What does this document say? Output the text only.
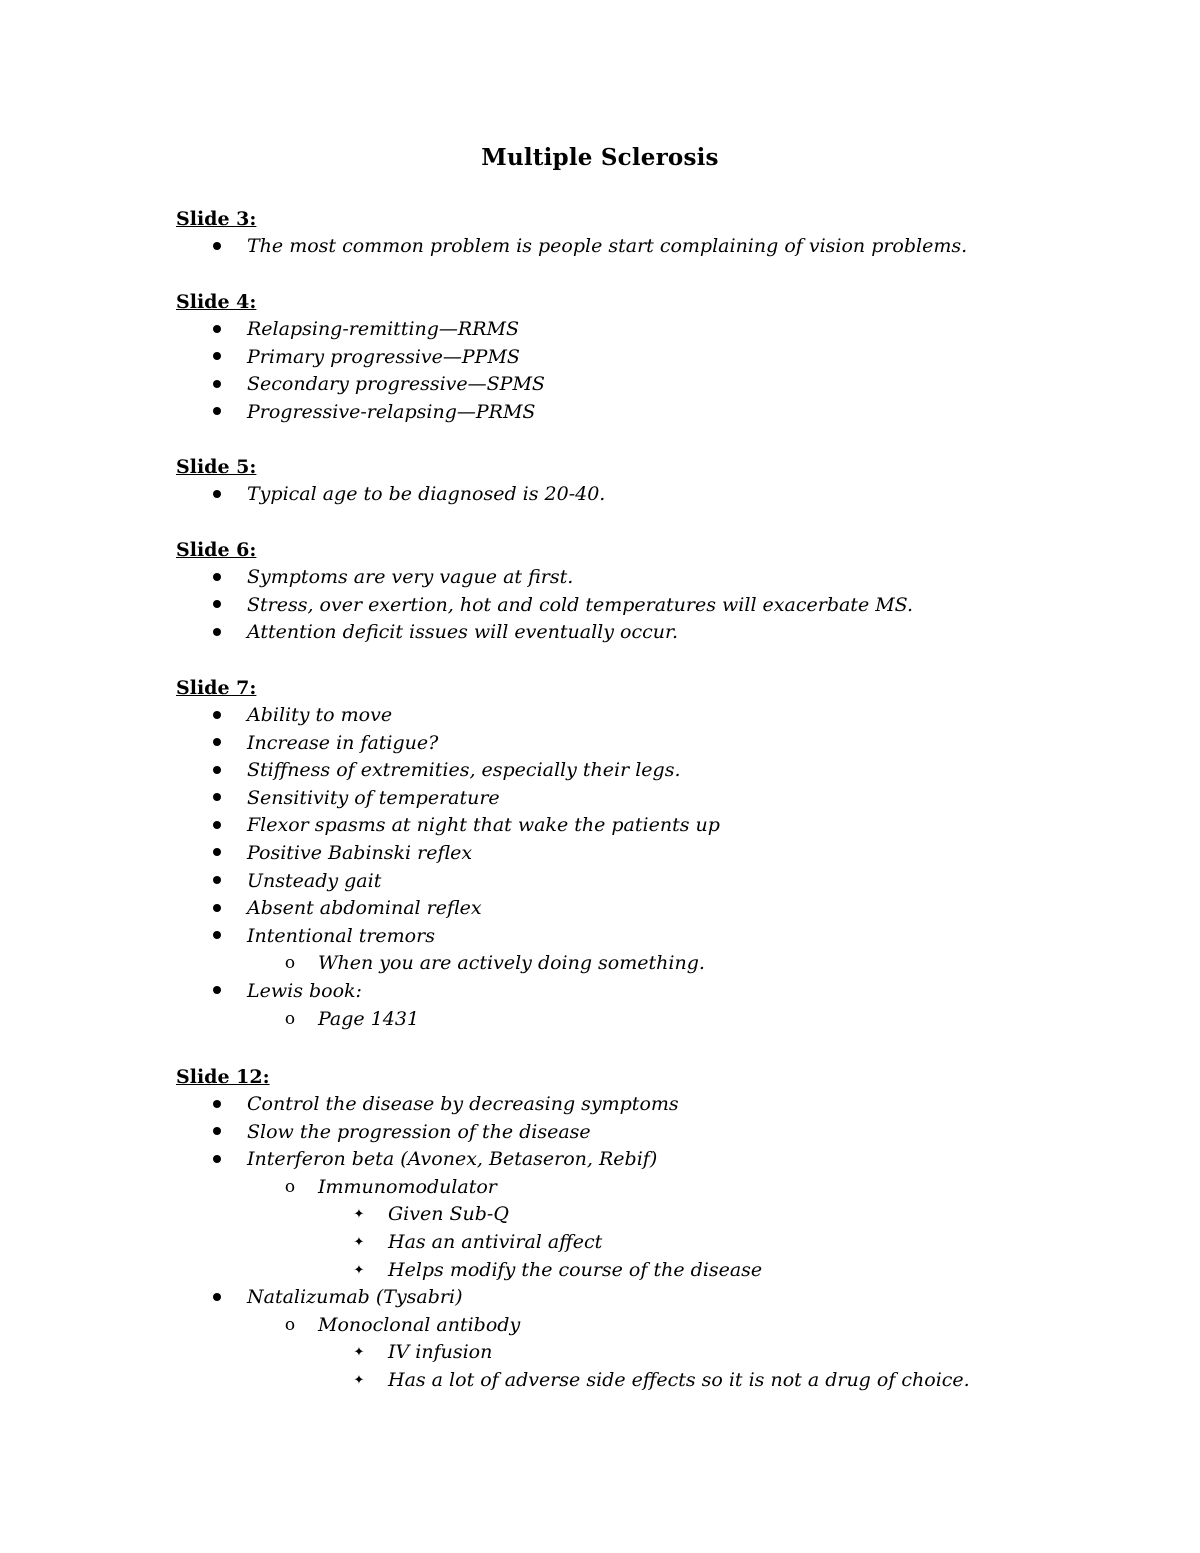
Multiple Sclerosis
Slide 3:
The most common problem is people start complaining of vision problems.
Slide 4:
Relapsing-remitting—RRMS
Primary progressive—PPMS
Secondary progressive—SPMS
Progressive-relapsing—PRMS
Slide 5:
Typical age to be diagnosed is 20-40.
Slide 6:
Symptoms are very vague at first.
Stress, over exertion, hot and cold temperatures will exacerbate MS.
Attention deficit issues will eventually occur.
Slide 7:
Ability to move
Increase in fatigue?
Stiffness of extremities, especially their legs.
Sensitivity of temperature
Flexor spasms at night that wake the patients up
Positive Babinski reflex
Unsteady gait
Absent abdominal reflex
Intentional tremors
o When you are actively doing something.
Lewis book:
o Page 1431
Slide 12:
Control the disease by decreasing symptoms
Slow the progression of the disease
Interferon beta (Avonex, Betaseron, Rebif)
o Immunomodulator
✦ Given Sub-Q
✦ Has an antiviral affect
✦ Helps modify the course of the disease
Natalizumab (Tysabri)
o Monoclonal antibody
✦ IV infusion
✦ Has a lot of adverse side effects so it is not a drug of choice.
